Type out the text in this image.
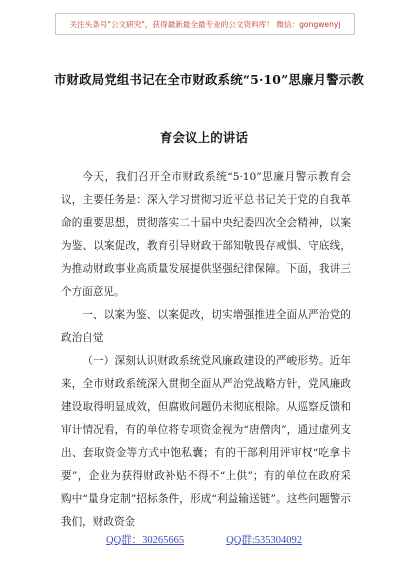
关注头条号"公文研究"，获得最新最全最专业的公文资料库！ 微信：gongwenyj
市财政局党组书记在全市财政系统“5·10”思廉月警示教
育会议上的讲话

今天，我们召开全市财政系统“5·10”思廉月警示教育会议，主要任务是：深入学习贯彻习近平总书记关于党的自我革命的重要思想，贯彻落实二十届中央纪委四次全会精神，以案为鉴、以案促改，教育引导财政干部知敬畏存戒惧、守底线，为推动财政事业高质量发展提供坚强纪律保障。下面，我讲三个方面意见。

一、以案为鉴、以案促改，切实增强推进全面从严治党的政治自觉

（一）深刻认识财政系统党风廉政建设的严峻形势。近年来，全市财政系统深入贯彻全面从严治党战略方针，党风廉政建设取得明显成效，但腐败问题仍未彻底根除。从巡察反馈和审计情况看，有的单位将专项资金视为“唐僧肉”，通过虚列支出、套取资金等方式中饱私囊；有的干部利用评审权“吃拿卡要”，企业为获得财政补贴不得不“上供”；有的单位在政府采购中“量身定制”招标条件，形成“利益输送链”。这些问题警示我们，财政资金

QQ群：30265665	QQ群:535304092
